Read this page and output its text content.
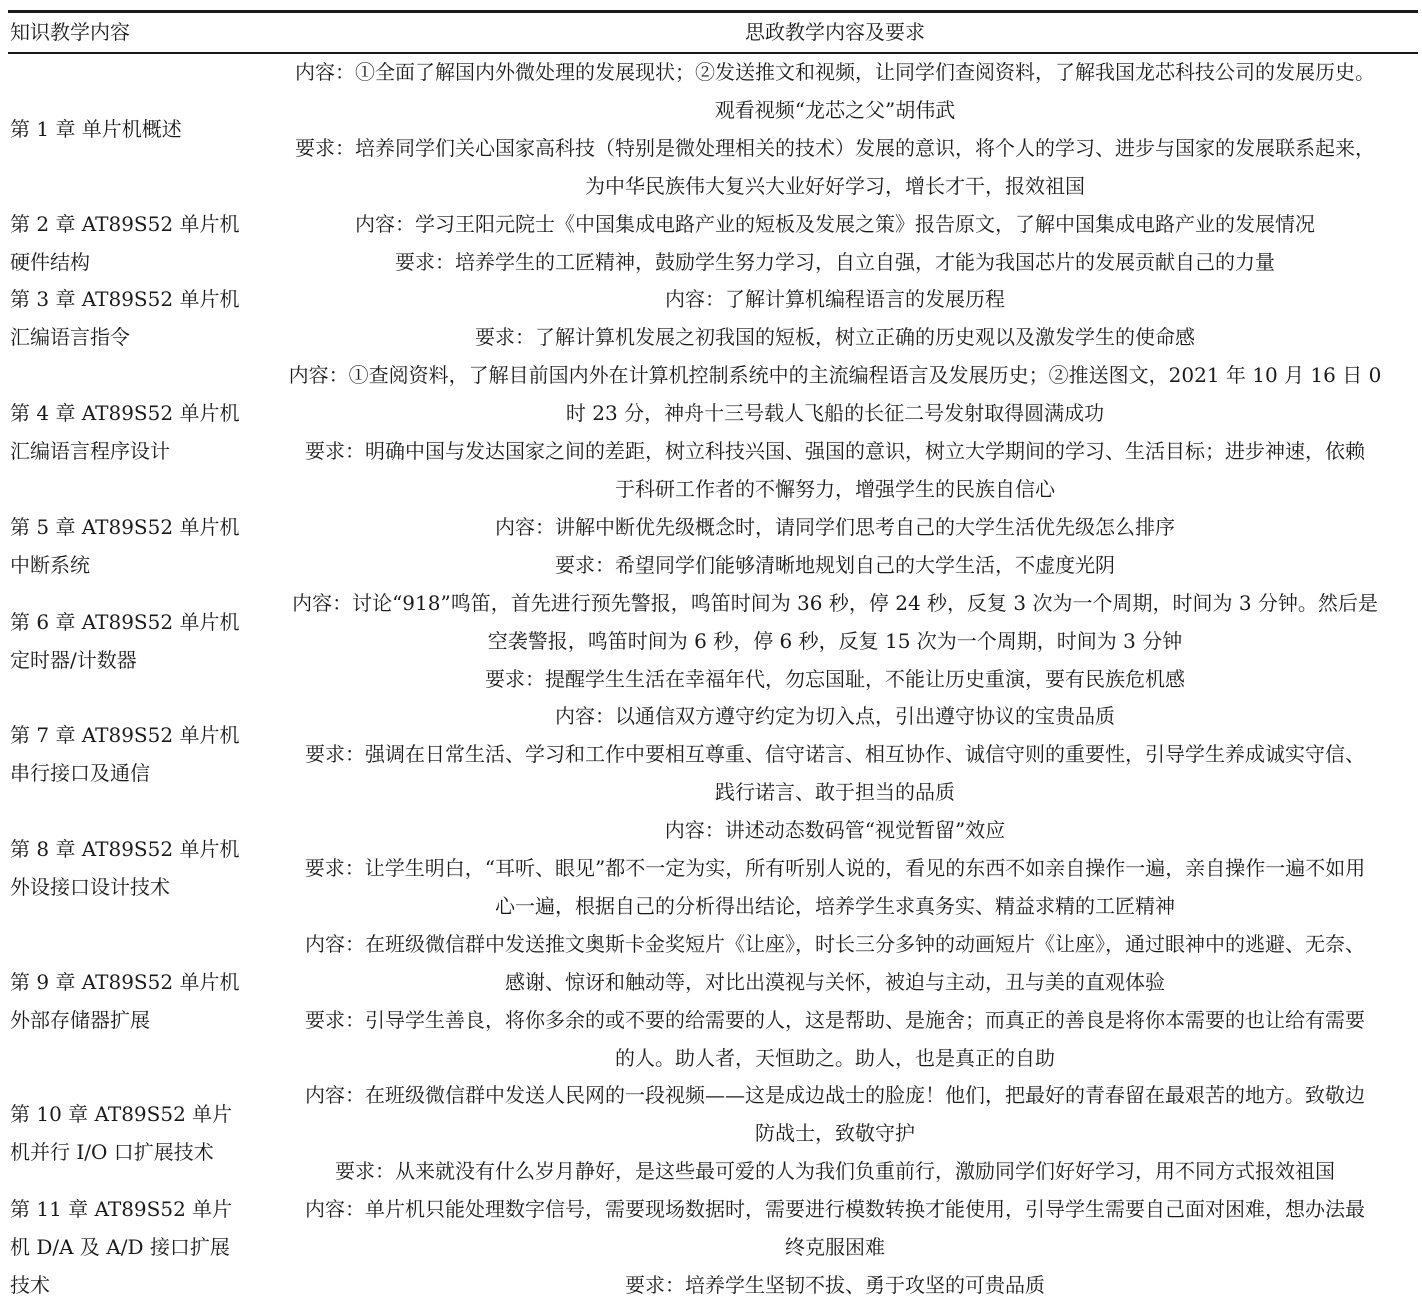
知识教学内容	思政教学内容及要求
第 1 章 单片机概述	内容：①全面了解国内外微处理的发展现状；②发送推文和视频，让同学们查阅资料，了解我国龙芯科技公司的发展历史。
观看视频“龙芯之父”胡伟武
要求：培养同学们关心国家高科技（特别是微处理相关的技术）发展的意识，将个人的学习、进步与国家的发展联系起来，
为中华民族伟大复兴大业好好学习，增长才干，报效祖国

第 2 章 AT89S52 单片机硬件结构	内容：学习王阳元院士《中国集成电路产业的短板及发展之策》报告原文，了解中国集成电路产业的发展情况
要求：培养学生的工匠精神，鼓励学生努力学习，自立自强，才能为我国芯片的发展贡献自己的力量

第 3 章 AT89S52 单片机汇编语言指令	内容：了解计算机编程语言的发展历程
要求：了解计算机发展之初我国的短板，树立正确的历史观以及激发学生的使命感

第 4 章 AT89S52 单片机汇编语言程序设计	内容：①查阅资料，了解目前国内外在计算机控制系统中的主流编程语言及发展历史；②推送图文，2021 年 10 月 16 日 0
时 23 分，神舟十三号载人飞船的长征二号发射取得圆满成功
要求：明确中国与发达国家之间的差距，树立科技兴国、强国的意识，树立大学期间的学习、生活目标；进步神速，依赖
于科研工作者的不懈努力，增强学生的民族自信心

第 5 章 AT89S52 单片机中断系统	内容：讲解中断优先级概念时，请同学们思考自己的大学生活优先级怎么排序
要求：希望同学们能够清晰地规划自己的大学生活，不虚度光阴

第 6 章 AT89S52 单片机定时器/计数器	内容：讨论“918”鸣笛，首先进行预先警报，鸣笛时间为 36 秒，停 24 秒，反复 3 次为一个周期，时间为 3 分钟。然后是
空袭警报，鸣笛时间为 6 秒，停 6 秒，反复 15 次为一个周期，时间为 3 分钟
要求：提醒学生生活在幸福年代，勿忘国耻，不能让历史重演，要有民族危机感

第 7 章 AT89S52 单片机串行接口及通信	内容：以通信双方遵守约定为切入点，引出遵守协议的宝贵品质
要求：强调在日常生活、学习和工作中要相互尊重、信守诺言、相互协作、诚信守则的重要性，引导学生养成诚实守信、
践行诺言、敢于担当的品质

第 8 章 AT89S52 单片机外设接口设计技术	内容：讲述动态数码管“视觉暂留”效应
要求：让学生明白，“耳听、眼见”都不一定为实，所有听别人说的，看见的东西不如亲自操作一遍，亲自操作一遍不如用
心一遍，根据自己的分析得出结论，培养学生求真务实、精益求精的工匠精神

第 9 章 AT89S52 单片机外部存储器扩展	内容：在班级微信群中发送推文奥斯卡金奖短片《让座》，时长三分多钟的动画短片《让座》，通过眼神中的逃避、无奈、
感谢、惊讶和触动等，对比出漠视与关怀，被迫与主动，丑与美的直观体验
要求：引导学生善良，将你多余的或不要的给需要的人，这是帮助、是施舍；而真正的善良是将你本需要的也让给有需要
的人。助人者，天恒助之。助人，也是真正的自助

第 10 章 AT89S52 单片机并行 I/O 口扩展技术	内容：在班级微信群中发送人民网的一段视频——这是成边战士的脸庞！他们，把最好的青春留在最艰苦的地方。致敬边
防战士，致敬守护
要求：从来就没有什么岁月静好，是这些最可爱的人为我们负重前行，激励同学们好好学习，用不同方式报效祖国

第 11 章 AT89S52 单片机 D/A 及 A/D 接口扩展技术	内容：单片机只能处理数字信号，需要现场数据时，需要进行模数转换才能使用，引导学生需要自己面对困难，想办法最
终克服困难
要求：培养学生坚韧不拔、勇于攻坚的可贵品质
